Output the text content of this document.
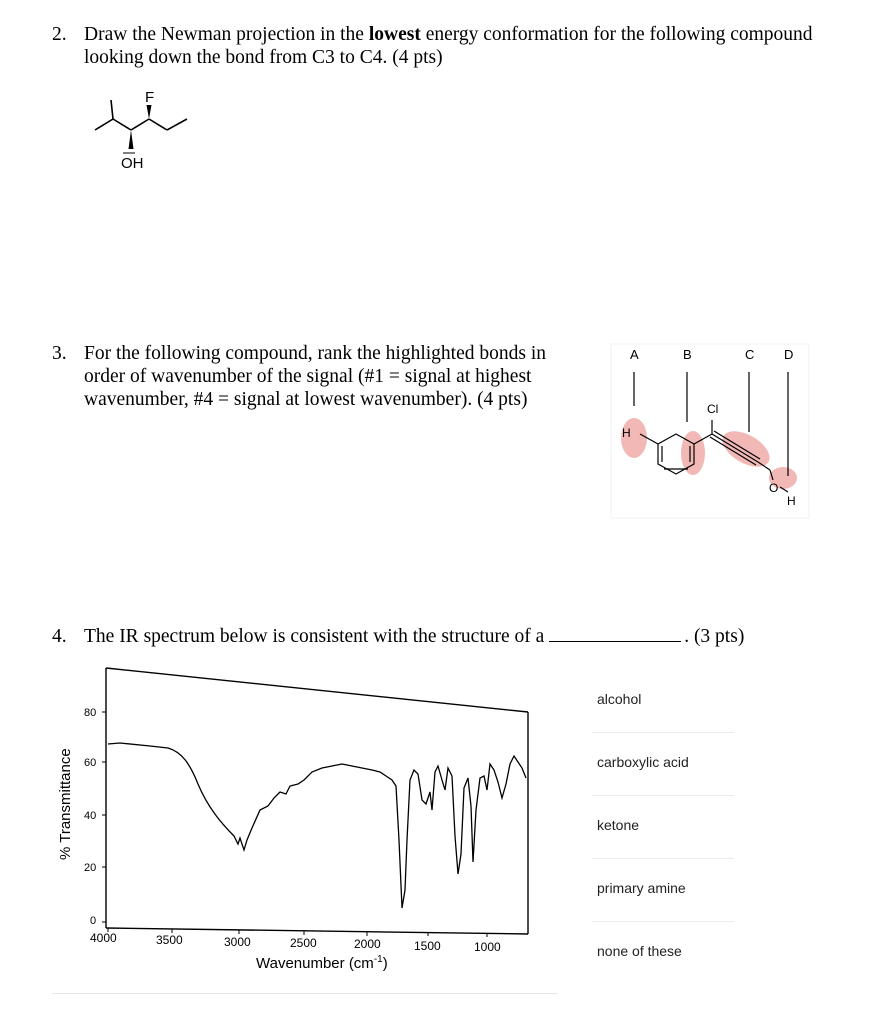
2. Draw the Newman projection in the lowest energy conformation for the following compound
looking down the bond from C3 to C4. (4 pts)
F
OH
3. For the following compound, rank the highlighted bonds in
order of wavenumber of the signal (#1 = signal at highest
wavenumber, #4 = signal at lowest wavenumber). (4 pts)
A	B	C D
H
Cl
O
H
4. The IR spectrum below is consistent with the structure of a	. (3 pts)
80
60
40
20
0
4000	3500	3000	2500	2000	1500	1000
% Transmittance
Wavenumber $(cm^{-1})$
alcohol
carboxylic acid
ketone
primary amine
none of these
